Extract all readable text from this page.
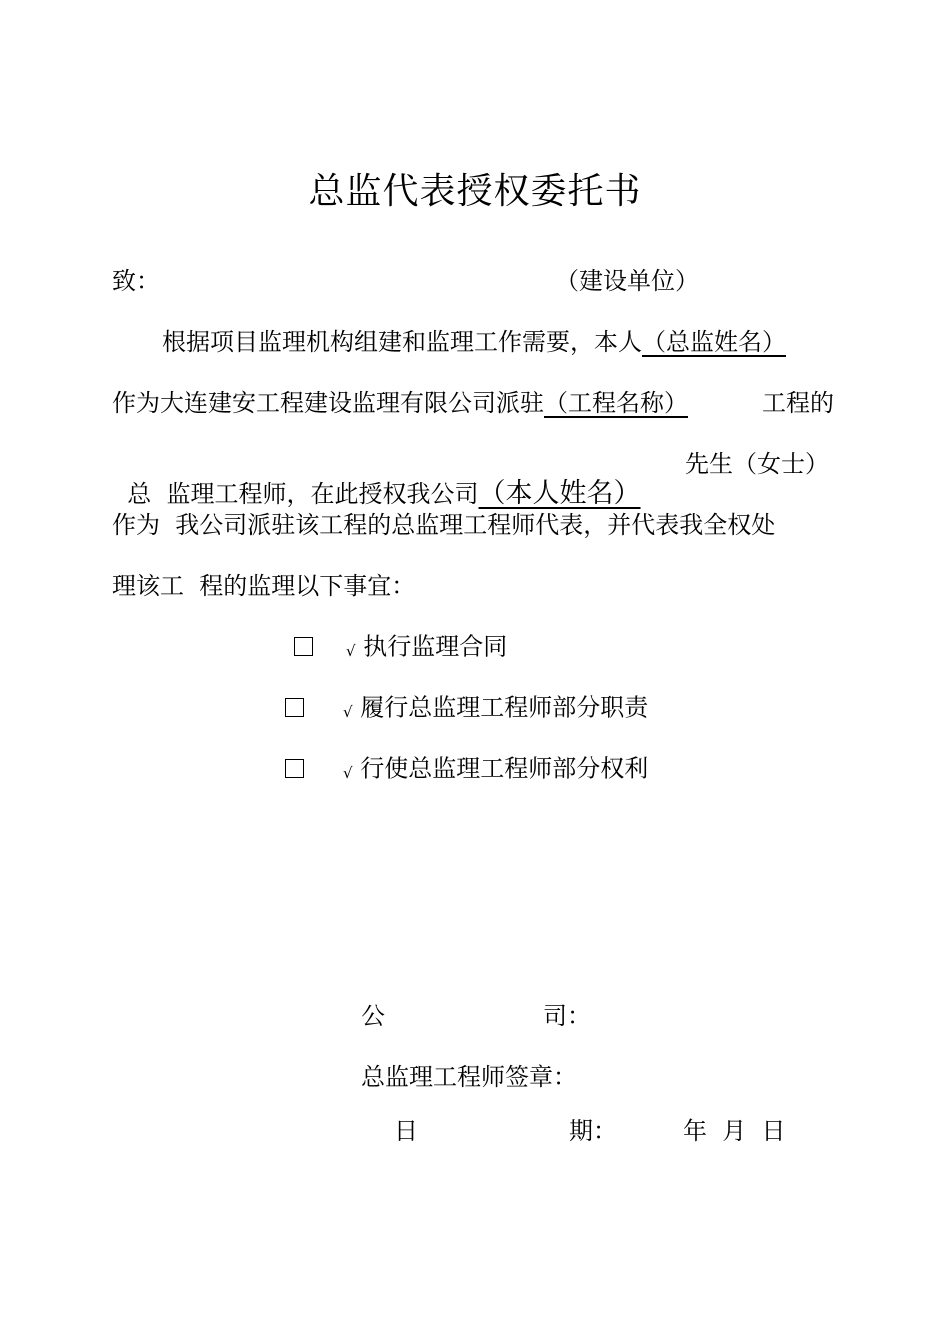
总监代表授权委托书
致：	（建设单位）
根据项目监理机构组建和监理工作需要，本人（总监姓名）
作为大连建安工程建设监理有限公司派驻（工程名称）	工程的

总  监理工程师，在此授权我公司（本人姓名）

先生（女士）
作为  我公司派驻该工程的总监理工程师代表，并代表我全权处
理该工  程的监理以下事宜：
√ 执行监理合同
√ 履行总监理工程师部分职责
√ 行使总监理工程师部分权利
公	司：
总监理工程师签章：
日	期：	年  月  日
